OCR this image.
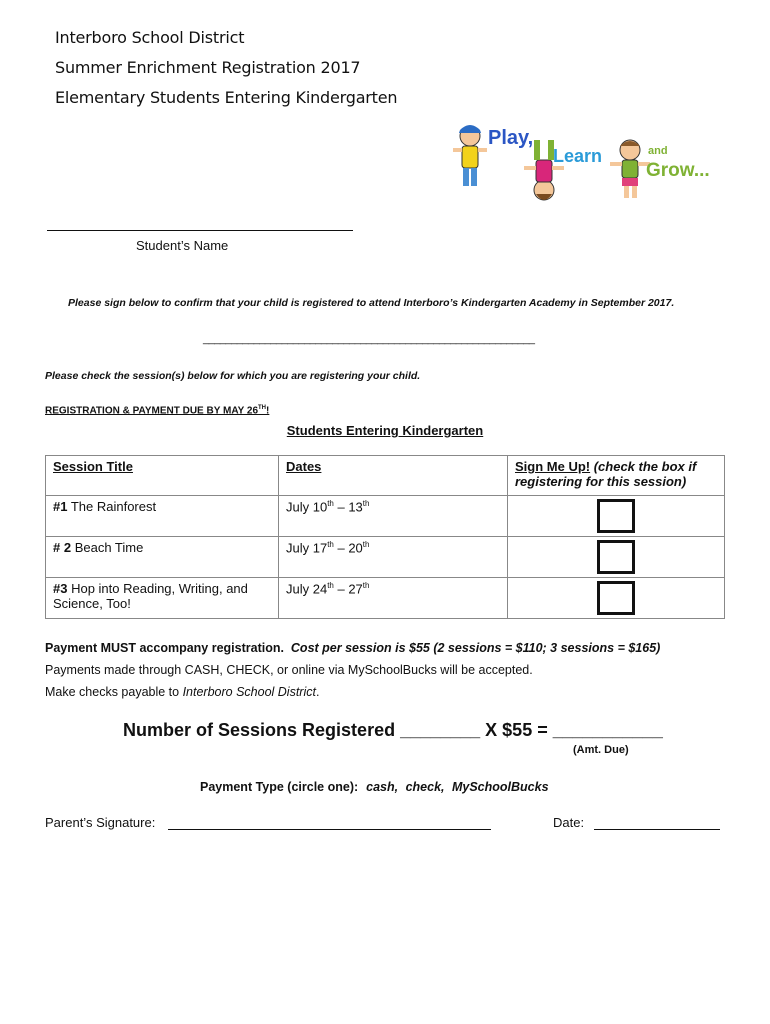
Interboro School District
Summer Enrichment Registration 2017
Elementary Students Entering Kindergarten
Play,
Learn	and
Grow...
Student’s Name
Please sign below to confirm that your child is registered to attend Interboro’s Kindergarten Academy in September 2017.
___________________________________________________________
Please check the session(s) below for which you are registering your child.
REGISTRATION & PAYMENT DUE BY MAY 26TH!
Students Entering Kindergarten
Session Title	Dates	Sign Me Up! (check the box if registering for this session)
#1 The Rainforest	July 10th – 13th	

# 2 Beach Time	July 17th – 20th	

#3 Hop into Reading, Writing, and Science, Too!	July 24th – 27th	
Payment MUST accompany registration. Cost per session is $55 (2 sessions = $110; 3 sessions = $165)
Payments made through CASH, CHECK, or online via MySchoolBucks will be accepted.
Make checks payable to Interboro School District.
Number of Sessions Registered ________ X $55 = ___________
(Amt. Due)
Payment Type (circle one): cash, check, MySchoolBucks
Parent’s Signature:	Date:
